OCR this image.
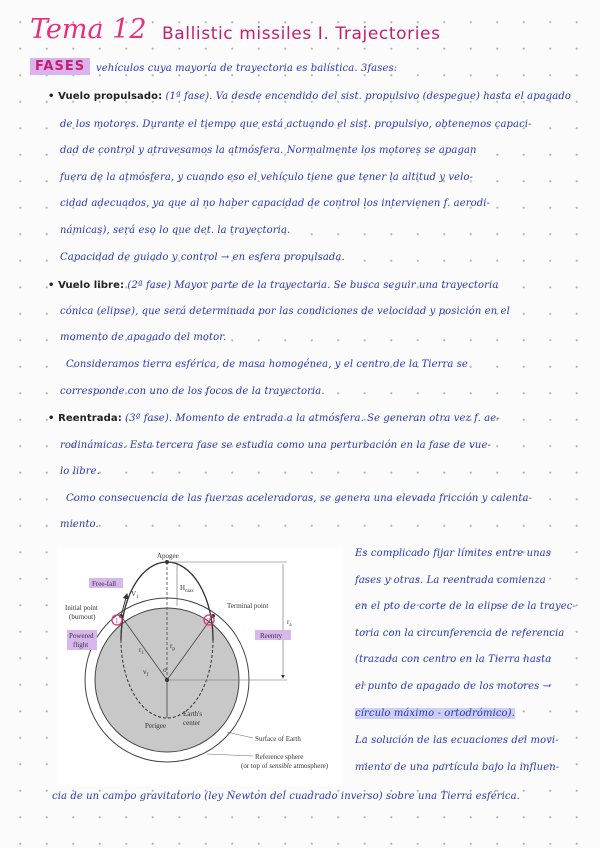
Tema 12 Ballistic missiles I. Trajectories
FASES	vehículos cuya mayoría de trayectoria es balística. 3fases:
• Vuelo propulsado: (1ª fase). Va desde encendido del sist. propulsivo (despegue) hasta el apagado
de los motores. Durante el tiempo que está actuando el sist. propulsivo, obtenemos capaci-
dad de control y atravesamos la atmósfera. Normalmente los motores se apagan
fuera de la atmósfera, y cuando eso el vehículo tiene que tener la altitud y velo-
cidad adecuados, ya que al no haber capacidad de control los intervienen f. aerodi-
námicas), será eso lo que det. la trayectoria.
Capacidad de guiado y control → en esfera propulsada.
• Vuelo libre: (2ª fase) Mayor parte de la trayectoria. Se busca seguir una trayectoria
cónica (elipse), que será determinada por las condiciones de velocidad y posición en el
momento de apagado del motor.
Consideramos tierra esférica, de masa homogénea, y el centro de la Tierra se
corresponde con uno de los focos de la trayectoria.
• Reentrada: (3ª fase). Momento de entrada a la atmósfera. Se generan otra vez f. ae-
rodinámicas. Esta tercera fase se estudia como una perturbación en la fase de vue-
lo libre.
Como consecuencia de las fuerzas aceleradoras, se genera una elevada fricción y calenta-
miento.
Es complicado fijar límites entre unas
fases y otras. La reentrada comienza
en el pto de corte de la elipse de la trayec-
toria con la circunferencia de referencia
(trazada con centro en la Tierra hasta
el punto de apagado de los motores →
círculo máximo - ortodrómico).
La solución de las ecuaciones del movi-
miento de una partícula bajo la influen-
cia de un campo gravitatorio (ley Newton del cuadrado inverso) sobre una Tierra esférica.
1	2
Apogee
$H_{max}$
Free-fall
Initial point
(burnout)
Powered
flight
Terminal point
Reentry
$r_a$
$V_1$
$r_1$
$r_p$
$v_f$
σ
Perigee
Earth's
center
Surface of Earth
Reference sphere
(or top of sensible atmosphere)
